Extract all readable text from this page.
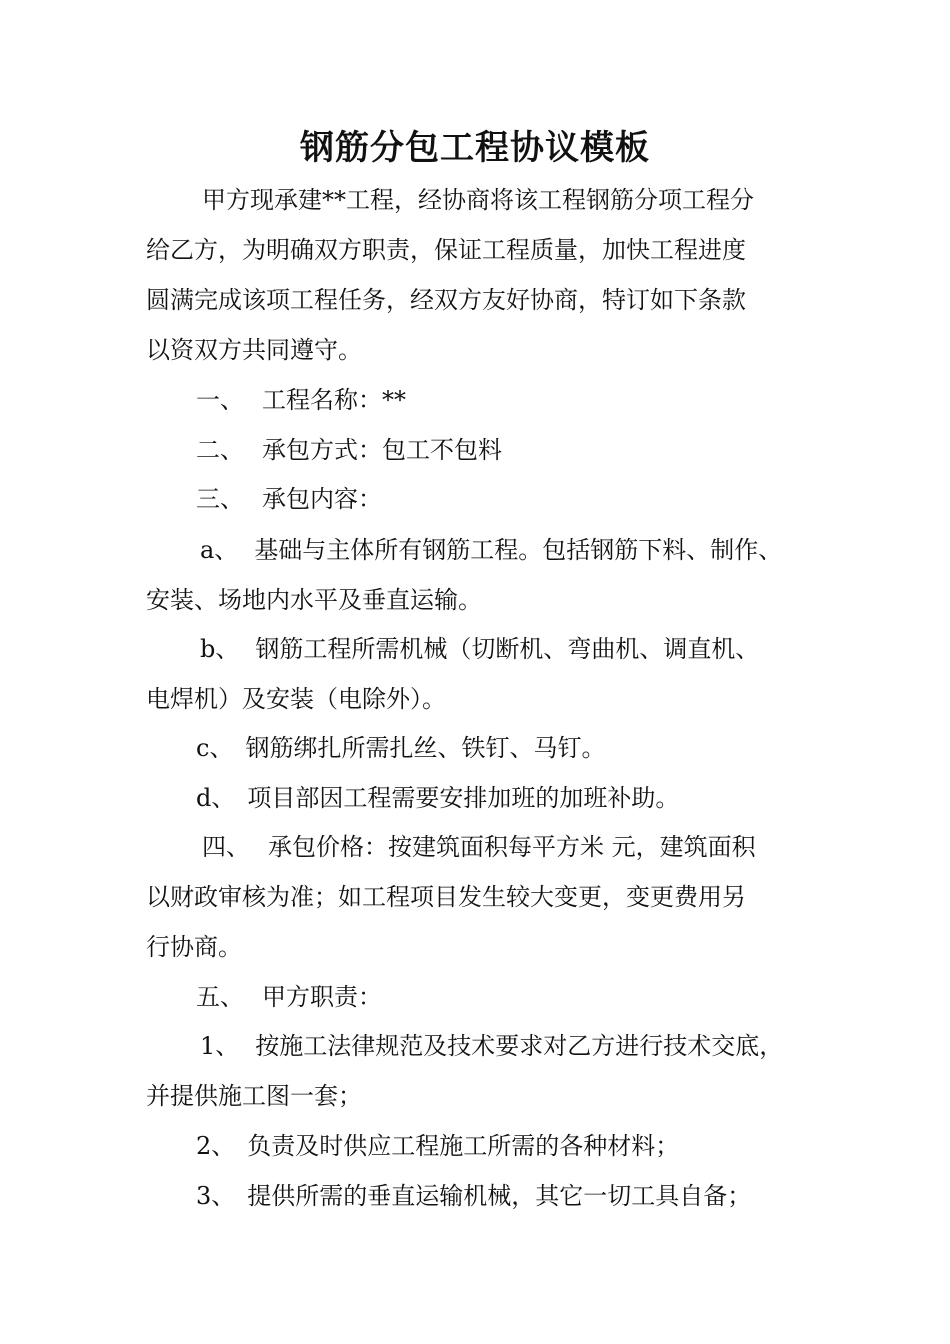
钢筋分包工程协议模板

甲方现承建**工程，经协商将该工程钢筋分项工程分

给乙方，为明确双方职责，保证工程质量，加快工程进度

圆满完成该项工程任务，经双方友好协商，特订如下条款

以资双方共同遵守。

一、 工程名称：**

二、 承包方式：包工不包料

三、 承包内容：

a、 基础与主体所有钢筋工程。包括钢筋下料、制作、

安装、场地内水平及垂直运输。

b、 钢筋工程所需机械（切断机、弯曲机、调直机、

电焊机）及安装（电除外）。

c、 钢筋绑扎所需扎丝、铁钉、马钉。

d、 项目部因工程需要安排加班的加班补助。

四、 承包价格：按建筑面积每平方米 元，建筑面积

以财政审核为准；如工程项目发生较大变更，变更费用另

行协商。

五、 甲方职责：

1、 按施工法律规范及技术要求对乙方进行技术交底，

并提供施工图一套；

2、 负责及时供应工程施工所需的各种材料；

3、 提供所需的垂直运输机械，其它一切工具自备；
